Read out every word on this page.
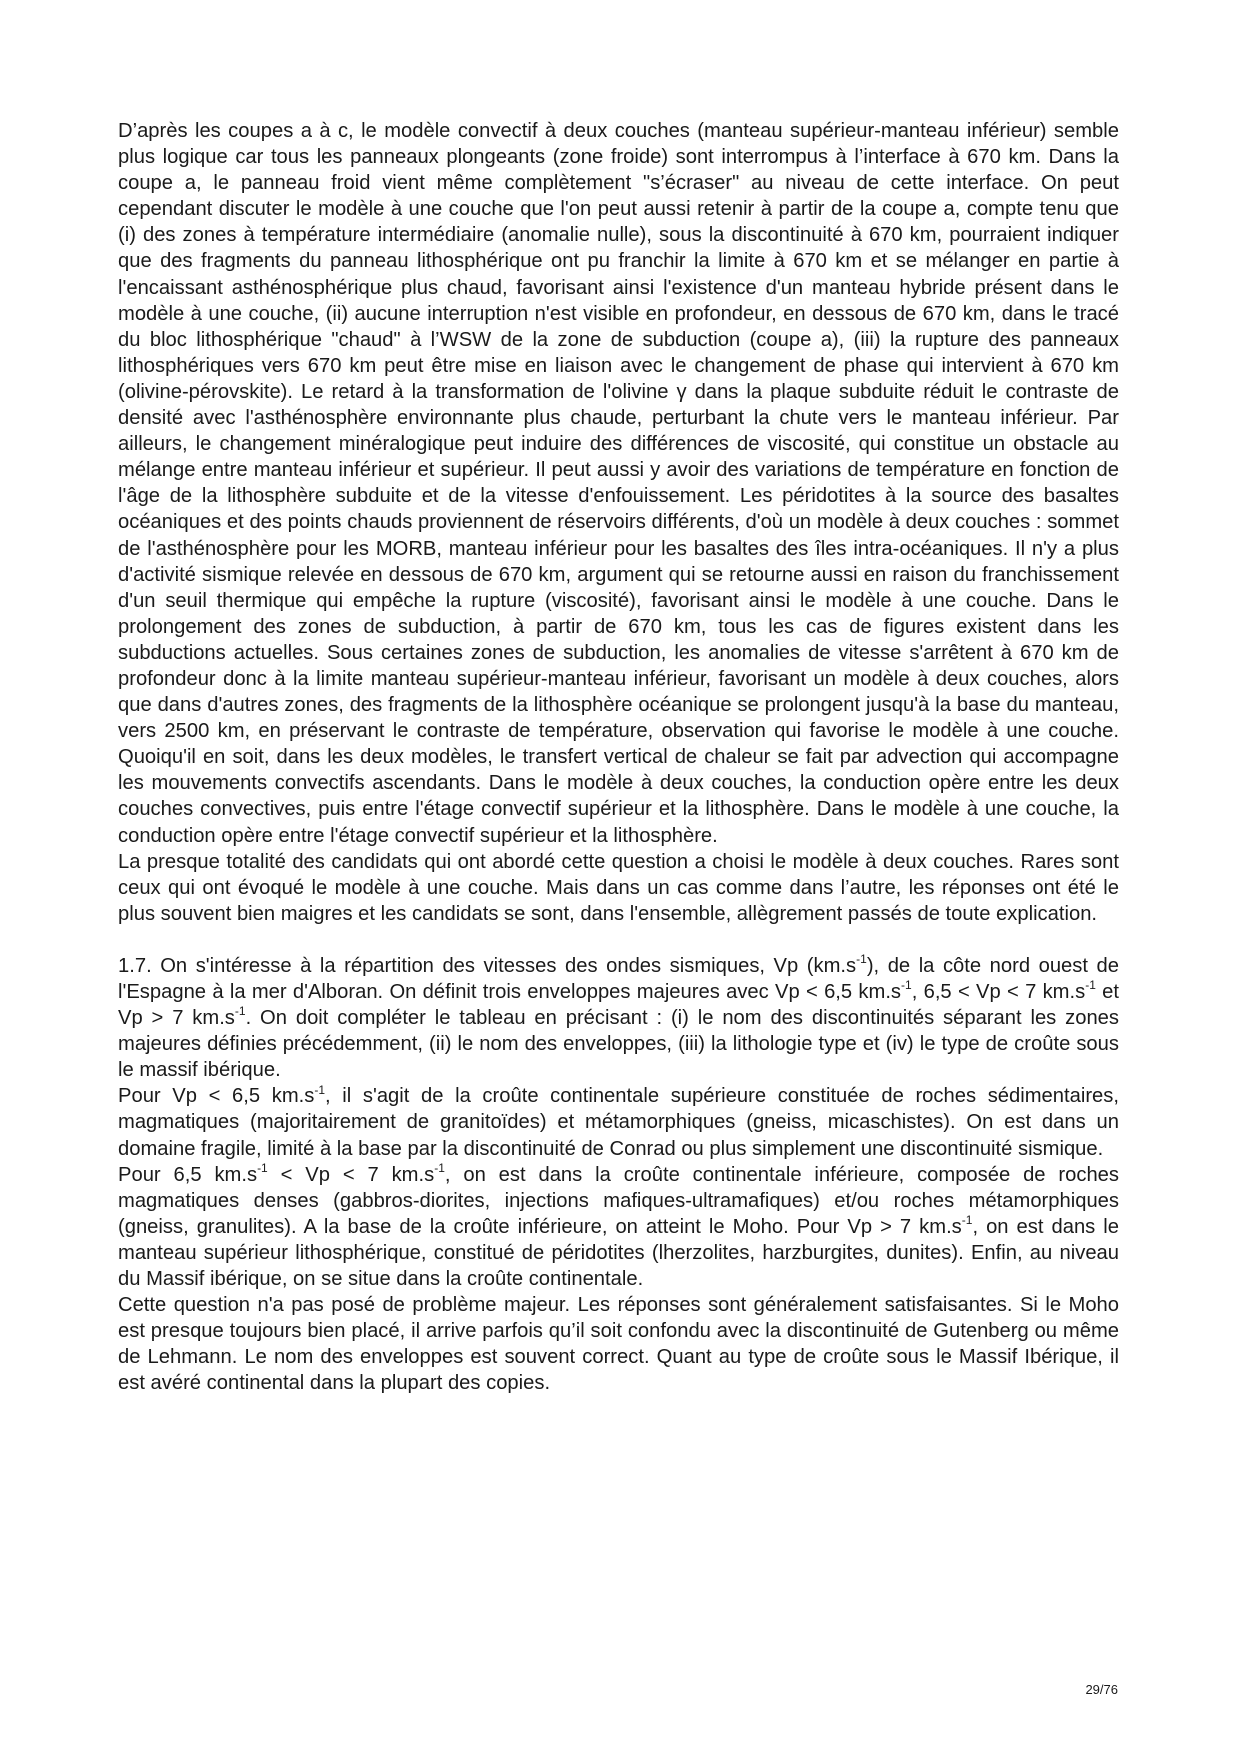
D’après les coupes a à c, le modèle convectif à deux couches (manteau supérieur-manteau inférieur) semble plus logique car tous les panneaux plongeants (zone froide) sont interrompus à l’interface à 670 km. Dans la coupe a, le panneau froid vient même complètement "s’écraser" au niveau de cette interface. On peut cependant discuter le modèle à une couche que l'on peut aussi retenir à partir de la coupe a, compte tenu que (i) des zones à température intermédiaire (anomalie nulle), sous la discontinuité à 670 km, pourraient indiquer que des fragments du panneau lithosphérique ont pu franchir la limite à 670 km et se mélanger en partie à l'encaissant asthénosphérique plus chaud, favorisant ainsi l'existence d'un manteau hybride présent dans le modèle à une couche, (ii) aucune interruption n'est visible en profondeur, en dessous de 670 km, dans le tracé du bloc lithosphérique "chaud" à l’WSW de la zone de subduction (coupe a), (iii) la rupture des panneaux lithosphériques vers 670 km peut être mise en liaison avec le changement de phase qui intervient à 670 km (olivine-pérovskite). Le retard à la transformation de l'olivine γ dans la plaque subduite réduit le contraste de densité avec l'asthénosphère environnante plus chaude, perturbant la chute vers le manteau inférieur. Par ailleurs, le changement minéralogique peut induire des différences de viscosité, qui constitue un obstacle au mélange entre manteau inférieur et supérieur. Il peut aussi y avoir des variations de température en fonction de l'âge de la lithosphère subduite et de la vitesse d'enfouissement. Les péridotites à la source des basaltes océaniques et des points chauds proviennent de réservoirs différents, d'où un modèle à deux couches : sommet de l'asthénosphère pour les MORB, manteau inférieur pour les basaltes des îles intra-océaniques. Il n'y a plus d'activité sismique relevée en dessous de 670 km, argument qui se retourne aussi en raison du franchissement d'un seuil thermique qui empêche la rupture (viscosité), favorisant ainsi le modèle à une couche. Dans le prolongement des zones de subduction, à partir de 670 km, tous les cas de figures existent dans les subductions actuelles. Sous certaines zones de subduction, les anomalies de vitesse s'arrêtent à 670 km de profondeur donc à la limite manteau supérieur-manteau inférieur, favorisant un modèle à deux couches, alors que dans d'autres zones, des fragments de la lithosphère océanique se prolongent jusqu'à la base du manteau, vers 2500 km, en préservant le contraste de température, observation qui favorise le modèle à une couche. Quoiqu'il en soit, dans les deux modèles, le transfert vertical de chaleur se fait par advection qui accompagne les mouvements convectifs ascendants. Dans le modèle à deux couches, la conduction opère entre les deux couches convectives, puis entre l'étage convectif supérieur et la lithosphère. Dans le modèle à une couche, la conduction opère entre l'étage convectif supérieur et la lithosphère.

La presque totalité des candidats qui ont abordé cette question a choisi le modèle à deux couches. Rares sont ceux qui ont évoqué le modèle à une couche. Mais dans un cas comme dans l’autre, les réponses ont été le plus souvent bien maigres et les candidats se sont, dans l'ensemble, allègrement passés de toute explication.

1.7. On s'intéresse à la répartition des vitesses des ondes sismiques, Vp $(km.s^{-1})$, de la côte nord ouest de l'Espagne à la mer d'Alboran. On définit trois enveloppes majeures avec Vp < 6,5 $km.s^{-1}$, 6,5 < Vp < 7 $km.s^{-1}$ et Vp > 7 $km.s^{-1}$. On doit compléter le tableau en précisant : (i) le nom des discontinuités séparant les zones majeures définies précédemment, (ii) le nom des enveloppes, (iii) la lithologie type et (iv) le type de croûte sous le massif ibérique.

Pour Vp < 6,5 $km.s^{-1}$, il s'agit de la croûte continentale supérieure constituée de roches sédimentaires, magmatiques (majoritairement de granitoïdes) et métamorphiques (gneiss, micaschistes). On est dans un domaine fragile, limité à la base par la discontinuité de Conrad ou plus simplement une discontinuité sismique.

Pour 6,5 $km.s^{-1} < Vp < 7$ $km.s^{-1}$, on est dans la croûte continentale inférieure, composée de roches magmatiques denses (gabbros-diorites, injections mafiques-ultramafiques) et/ou roches métamorphiques (gneiss, granulites). A la base de la croûte inférieure, on atteint le Moho. Pour Vp > 7 $km.s^{-1}$, on est dans le manteau supérieur lithosphérique, constitué de péridotites (lherzolites, harzburgites, dunites). Enfin, au niveau du Massif ibérique, on se situe dans la croûte continentale.

Cette question n'a pas posé de problème majeur. Les réponses sont généralement satisfaisantes. Si le Moho est presque toujours bien placé, il arrive parfois qu’il soit confondu avec la discontinuité de Gutenberg ou même de Lehmann. Le nom des enveloppes est souvent correct. Quant au type de croûte sous le Massif Ibérique, il est avéré continental dans la plupart des copies.

29/76
